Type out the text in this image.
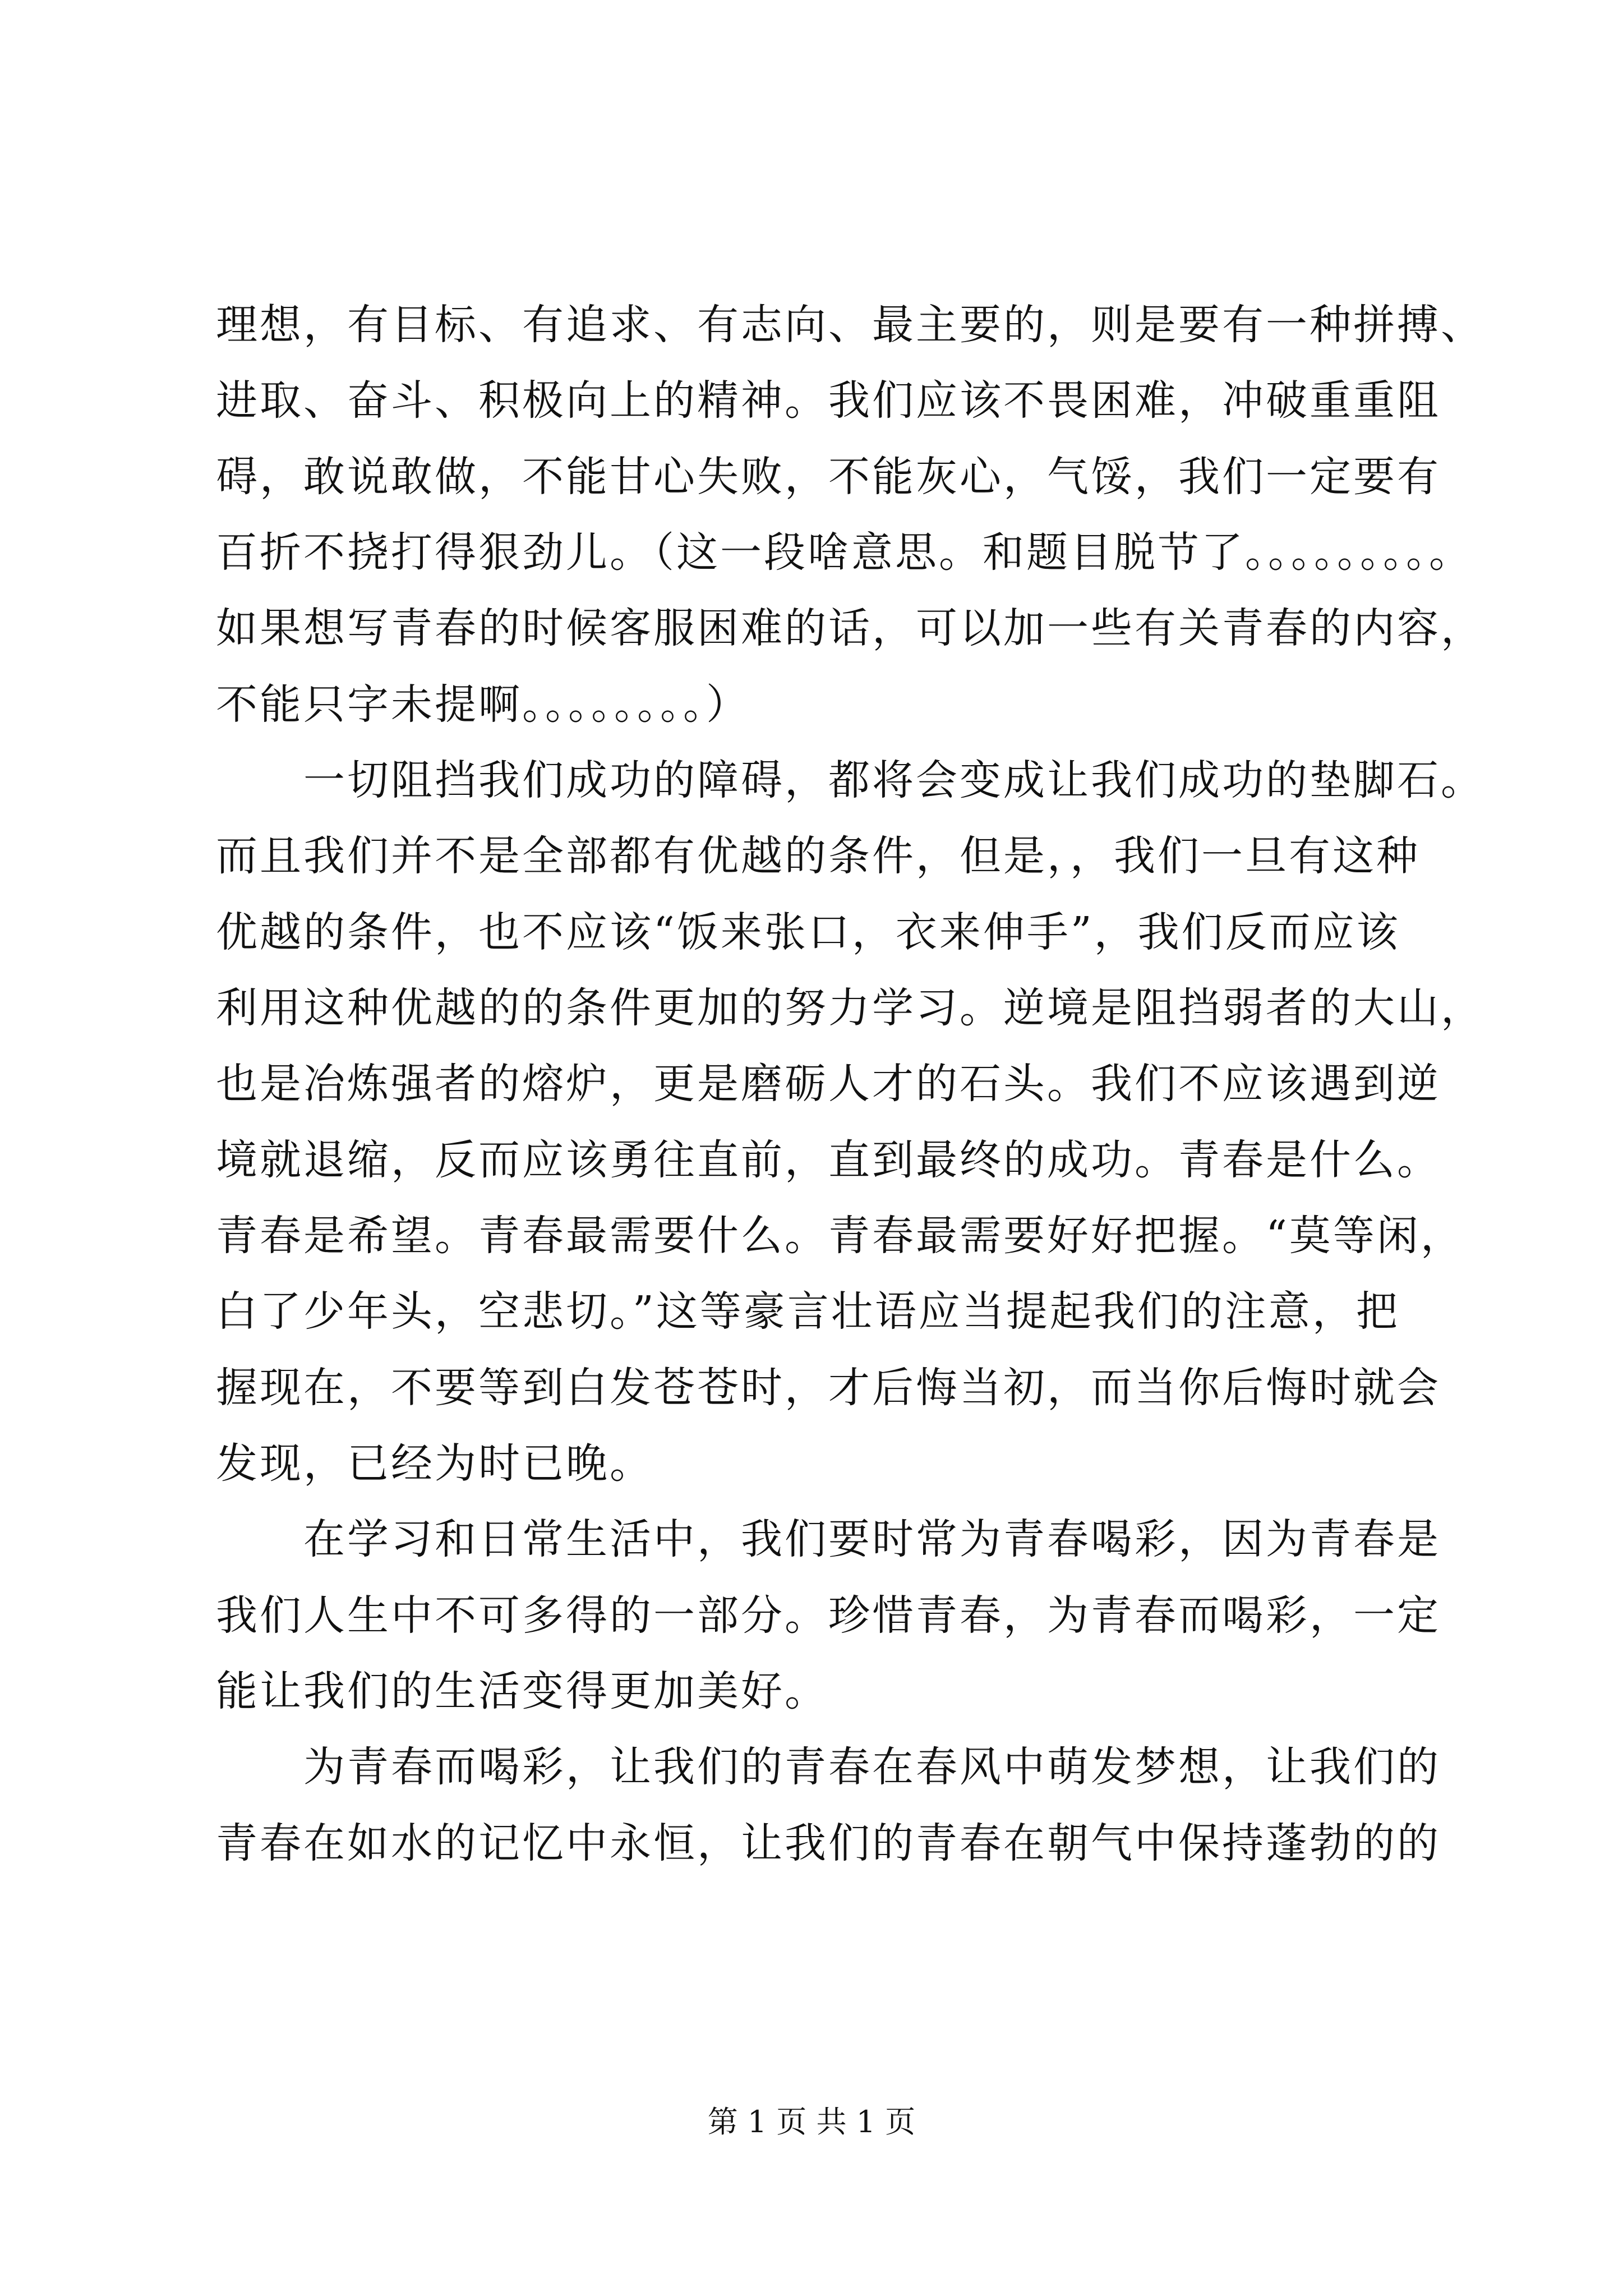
理想，有目标、有追求、有志向、最主要的，则是要有一种拼搏、

进取、奋斗、积极向上的精神。我们应该不畏困难，冲破重重阻

碍，敢说敢做，不能甘心失败，不能灰心，气馁，我们一定要有

百折不挠打得狠劲儿。（这一段啥意思。和题目脱节了。。。。。。。。。

如果想写青春的时候客服困难的话，可以加一些有关青春的内容，

不能只字未提啊。。。。。。。。）

　　一切阻挡我们成功的障碍，都将会变成让我们成功的垫脚石。

而且我们并不是全部都有优越的条件，但是，，我们一旦有这种

优越的条件，也不应该“饭来张口，衣来伸手”，我们反而应该

利用这种优越的的条件更加的努力学习。逆境是阻挡弱者的大山，

也是冶炼强者的熔炉，更是磨砺人才的石头。我们不应该遇到逆

境就退缩，反而应该勇往直前，直到最终的成功。青春是什么。

青春是希望。青春最需要什么。青春最需要好好把握。“莫等闲，

白了少年头，空悲切。”这等豪言壮语应当提起我们的注意，把

握现在，不要等到白发苍苍时，才后悔当初，而当你后悔时就会

发现，已经为时已晚。

　　在学习和日常生活中，我们要时常为青春喝彩，因为青春是

我们人生中不可多得的一部分。珍惜青春，为青春而喝彩，一定

能让我们的生活变得更加美好。

　　为青春而喝彩，让我们的青春在春风中萌发梦想，让我们的

青春在如水的记忆中永恒，让我们的青春在朝气中保持蓬勃的的

第 1 页 共 1 页
